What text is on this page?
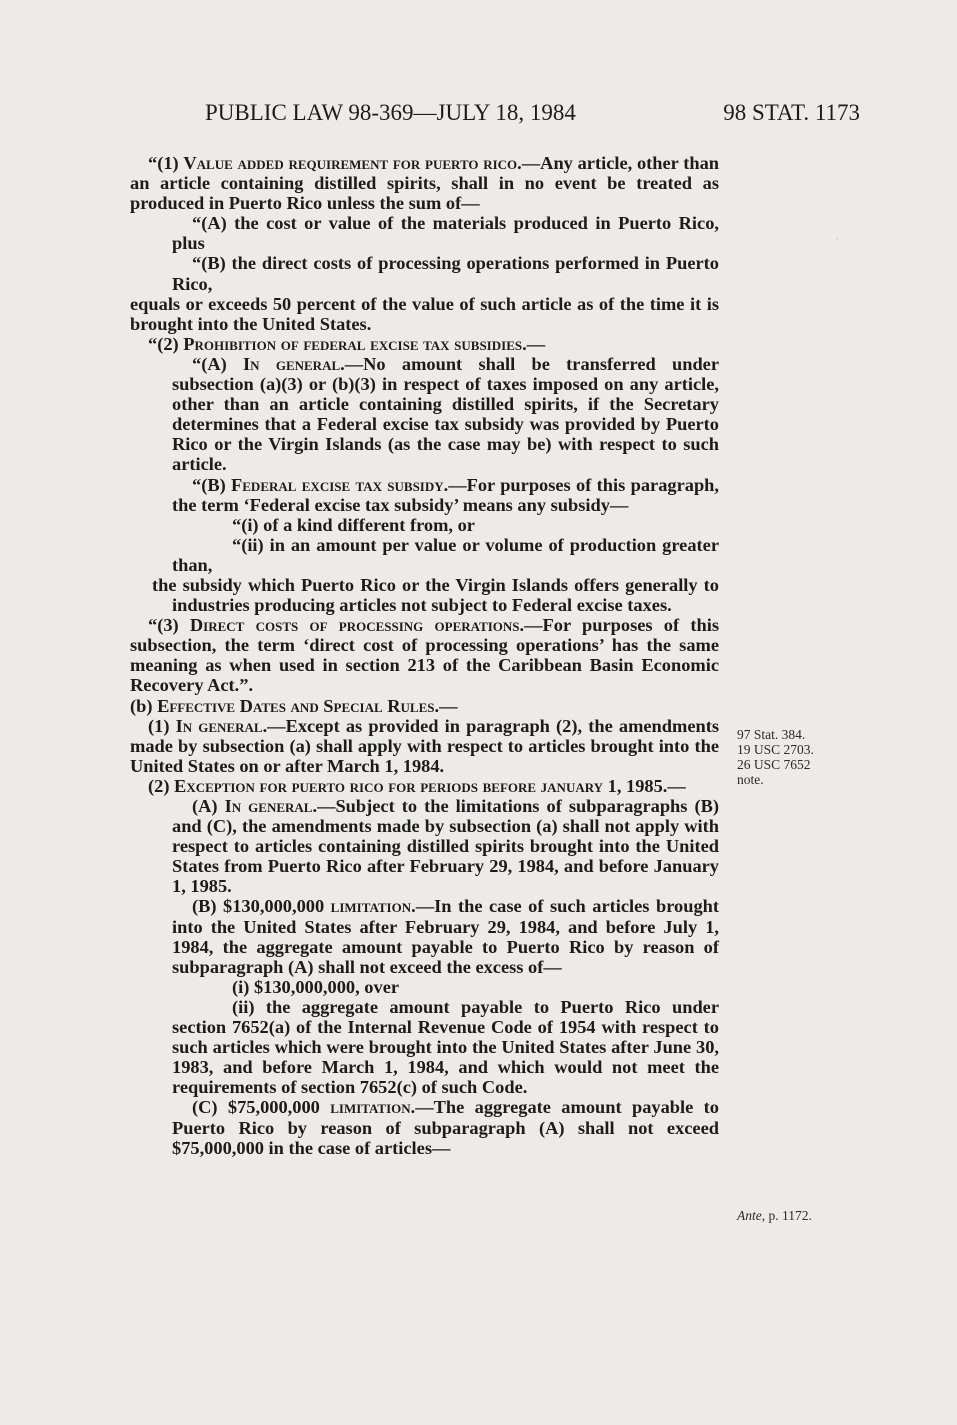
.
PUBLIC LAW 98-369—JULY 18, 1984	98 STAT. 1173

“(1) Value added requirement for puerto rico.—Any article, other than an article containing distilled spirits, shall in no event be treated as produced in Puerto Rico unless the sum of—

“(A) the cost or value of the materials produced in Puerto Rico, plus

“(B) the direct costs of processing operations performed in Puerto Rico,

equals or exceeds 50 percent of the value of such article as of the time it is brought into the United States.

“(2) Prohibition of federal excise tax subsidies.—

“(A) In general.—No amount shall be transferred under subsection (a)(3) or (b)(3) in respect of taxes imposed on any article, other than an article containing distilled spirits, if the Secretary determines that a Federal excise tax subsidy was provided by Puerto Rico or the Virgin Islands (as the case may be) with respect to such article.

“(B) Federal excise tax subsidy.—For purposes of this paragraph, the term ‘Federal excise tax subsidy’ means any subsidy—

“(i) of a kind different from, or

“(ii) in an amount per value or volume of production greater than,

the subsidy which Puerto Rico or the Virgin Islands offers generally to industries producing articles not subject to Federal excise taxes.

“(3) Direct costs of processing operations.—For purposes of this subsection, the term ‘direct cost of processing operations’ has the same meaning as when used in section 213 of the Caribbean Basin Economic Recovery Act.”.

(b) Effective Dates and Special Rules.—

(1) In general.—Except as provided in paragraph (2), the amendments made by subsection (a) shall apply with respect to articles brought into the United States on or after March 1, 1984.

(2) Exception for puerto rico for periods before january 1, 1985.—

(A) In general.—Subject to the limitations of subparagraphs (B) and (C), the amendments made by subsection (a) shall not apply with respect to articles containing distilled spirits brought into the United States from Puerto Rico after February 29, 1984, and before January 1, 1985.

(B) $130,000,000 limitation.—In the case of such articles brought into the United States after February 29, 1984, and before July 1, 1984, the aggregate amount payable to Puerto Rico by reason of subparagraph (A) shall not exceed the excess of—

(i) $130,000,000, over

(ii) the aggregate amount payable to Puerto Rico under section 7652(a) of the Internal Revenue Code of 1954 with respect to such articles which were brought into the United States after June 30, 1983, and before March 1, 1984, and which would not meet the requirements of section 7652(c) of such Code.

(C) $75,000,000 limitation.—The aggregate amount payable to Puerto Rico by reason of subparagraph (A) shall not exceed $75,000,000 in the case of articles—

97 Stat. 384.
19 USC 2703.
26 USC 7652
note.
Ante, p. 1172.
